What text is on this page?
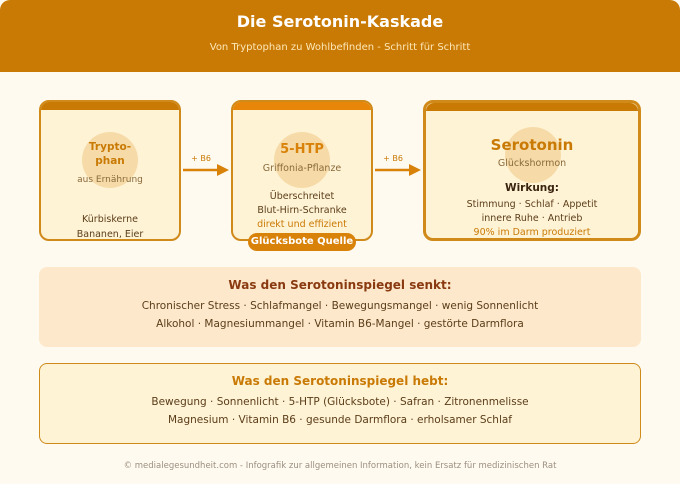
Die Serotonin-Kaskade
Von Tryptophan zu Wohlbefinden - Schritt für Schritt
Trypto-
phan
aus Ernährung
Kürbiskerne
Bananen, Eier
+ B6
5-HTP
Griffonia-Pflanze
Überschreitet
Blut-Hirn-Schranke
direkt und effizient
Glücksbote Quelle
+ B6
Serotonin
Glückshormon
Wirkung:
Stimmung · Schlaf · Appetit
innere Ruhe · Antrieb
90% im Darm produziert
Was den Serotoninspiegel senkt:
Chronischer Stress · Schlafmangel · Bewegungsmangel · wenig Sonnenlicht
Alkohol · Magnesiummangel · Vitamin B6-Mangel · gestörte Darmflora
Was den Serotoninspiegel hebt:
Bewegung · Sonnenlicht · 5-HTP (Glücksbote) · Safran · Zitronenmelisse
Magnesium · Vitamin B6 · gesunde Darmflora · erholsamer Schlaf
© medialegesundheit.com - Infografik zur allgemeinen Information, kein Ersatz für medizinischen Rat
